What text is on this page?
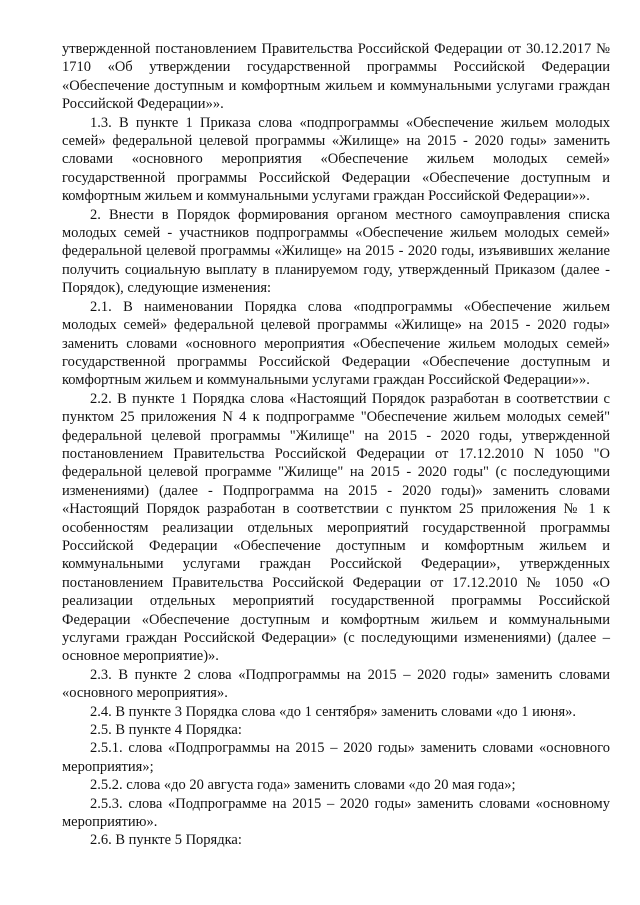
утвержденной постановлением Правительства Российской Федерации от 30.12.2017 № 1710 «Об утверждении государственной программы Российской Федерации «Обеспечение доступным и комфортным жильем и коммунальными услугами граждан Российской Федерации»».

1.3. В пункте 1 Приказа слова «подпрограммы «Обеспечение жильем молодых семей» федеральной целевой программы «Жилище» на 2015 - 2020 годы» заменить словами «основного мероприятия «Обеспечение жильем молодых семей» государственной программы Российской Федерации «Обеспечение доступным и комфортным жильем и коммунальными услугами граждан Российской Федерации»».

2. Внести в Порядок формирования органом местного самоуправления списка молодых семей - участников подпрограммы «Обеспечение жильем молодых семей» федеральной целевой программы «Жилище» на 2015 - 2020 годы, изъявивших желание получить социальную выплату в планируемом году, утвержденный Приказом (далее - Порядок), следующие изменения:

2.1. В наименовании Порядка слова «подпрограммы «Обеспечение жильем молодых семей» федеральной целевой программы «Жилище» на 2015 - 2020 годы» заменить словами «основного мероприятия «Обеспечение жильем молодых семей» государственной программы Российской Федерации «Обеспечение доступным и комфортным жильем и коммунальными услугами граждан Российской Федерации»».

2.2. В пункте 1 Порядка слова «Настоящий Порядок разработан в соответствии с пунктом 25 приложения N 4 к подпрограмме "Обеспечение жильем молодых семей" федеральной целевой программы "Жилище" на 2015 - 2020 годы, утвержденной постановлением Правительства Российской Федерации от 17.12.2010 N 1050 "О федеральной целевой программе "Жилище" на 2015 - 2020 годы" (с последующими изменениями) (далее - Подпрограмма на 2015 - 2020 годы)» заменить словами «Настоящий Порядок разработан в соответствии с пунктом 25 приложения № 1 к особенностям реализации отдельных мероприятий государственной программы Российской Федерации «Обеспечение доступным и комфортным жильем и коммунальными услугами граждан Российской Федерации», утвержденных постановлением Правительства Российской Федерации от 17.12.2010 № 1050 «О реализации отдельных мероприятий государственной программы Российской Федерации «Обеспечение доступным и комфортным жильем и коммунальными услугами граждан Российской Федерации» (с последующими изменениями) (далее – основное мероприятие)».

2.3. В пункте 2 слова «Подпрограммы на 2015 – 2020 годы» заменить словами «основного мероприятия».

2.4. В пункте 3 Порядка слова «до 1 сентября» заменить словами «до 1 июня».

2.5. В пункте 4 Порядка:

2.5.1. слова «Подпрограммы на 2015 – 2020 годы» заменить словами «основного мероприятия»;

2.5.2. слова «до 20 августа года» заменить словами «до 20 мая года»;

2.5.3. слова «Подпрограмме на 2015 – 2020 годы» заменить словами «основному мероприятию».

2.6. В пункте 5 Порядка:
